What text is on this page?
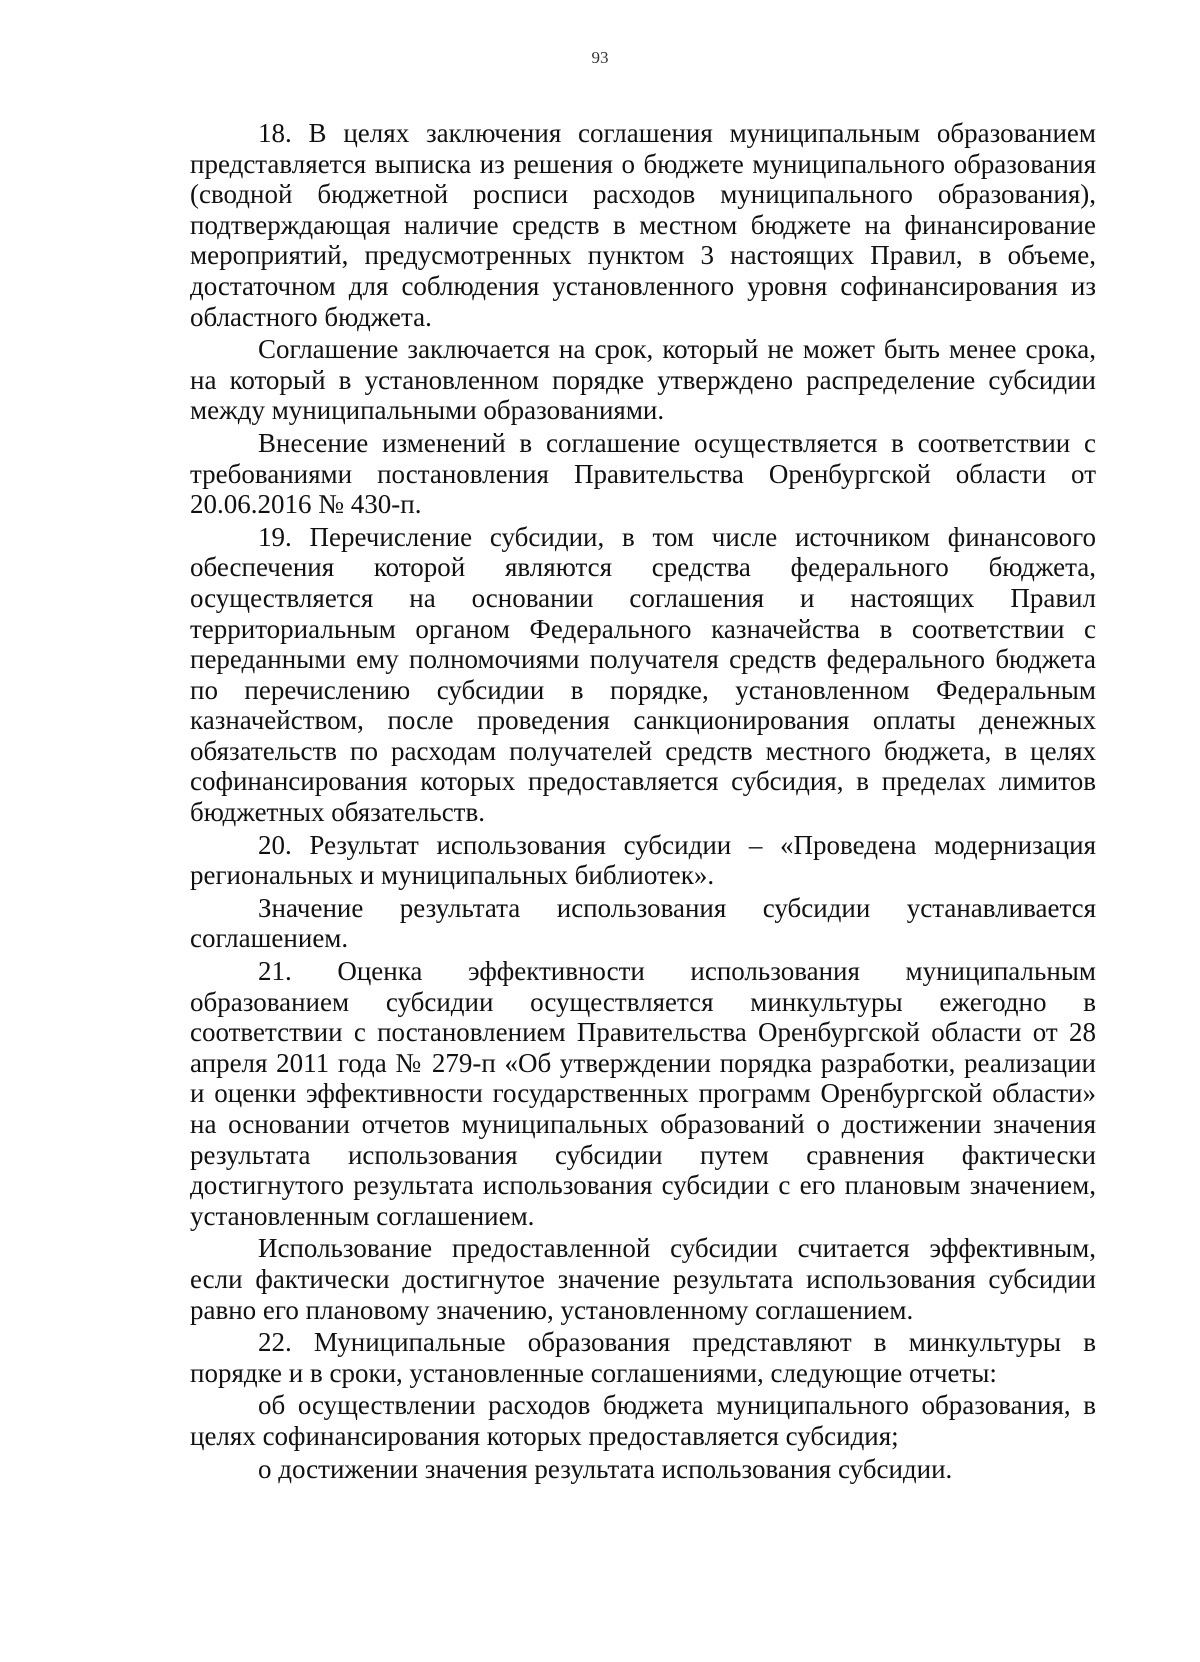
93

18. В целях заключения соглашения муниципальным образованием представляется выписка из решения о бюджете муниципального образования (сводной бюджетной росписи расходов муниципального образования), подтверждающая наличие средств в местном бюджете на финансирование мероприятий, предусмотренных пунктом 3 настоящих Правил, в объеме, достаточном для соблюдения установленного уровня софинансирования из областного бюджета.

Соглашение заключается на срок, который не может быть менее срока, на который в установленном порядке утверждено распределение субсидии между муниципальными образованиями.

Внесение изменений в соглашение осуществляется в соответствии с требованиями постановления Правительства Оренбургской области от 20.06.2016 № 430-п.

19. Перечисление субсидии, в том числе источником финансового обеспечения которой являются средства федерального бюджета, осуществляется на основании соглашения и настоящих Правил территориальным органом Федерального казначейства в соответствии с переданными ему полномочиями получателя средств федерального бюджета по перечислению субсидии в порядке, установленном Федеральным казначейством, после проведения санкционирования оплаты денежных обязательств по расходам получателей средств местного бюджета, в целях софинансирования которых предоставляется субсидия, в пределах лимитов бюджетных обязательств.

20. Результат использования субсидии – «Проведена модернизация региональных и муниципальных библиотек».

Значение результата использования субсидии устанавливается соглашением.

21. Оценка эффективности использования муниципальным образованием субсидии осуществляется минкультуры ежегодно в соответствии с постановлением Правительства Оренбургской области от 28 апреля 2011 года № 279-п «Об утверждении порядка разработки, реализации и оценки эффективности государственных программ Оренбургской области» на основании отчетов муниципальных образований о достижении значения результата использования субсидии путем сравнения фактически достигнутого результата использования субсидии с его плановым значением, установленным соглашением.

Использование предоставленной субсидии считается эффективным, если фактически достигнутое значение результата использования субсидии равно его плановому значению, установленному соглашением.

22. Муниципальные образования представляют в минкультуры в порядке и в сроки, установленные соглашениями, следующие отчеты:

об осуществлении расходов бюджета муниципального образования, в целях софинансирования которых предоставляется субсидия;

о достижении значения результата использования субсидии.
